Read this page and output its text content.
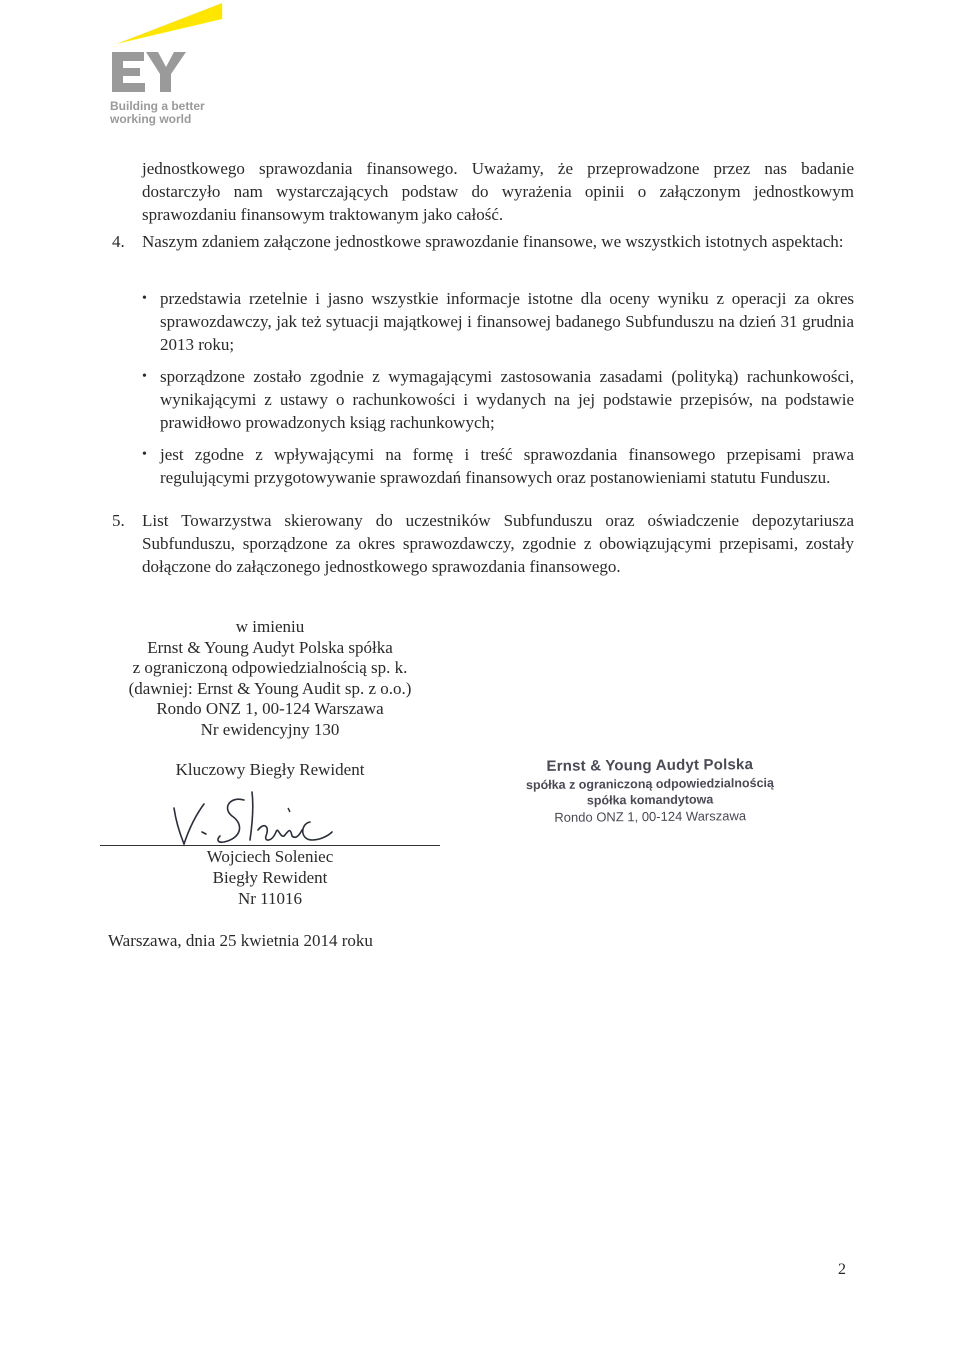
Building a better
working world
jednostkowego sprawozdania finansowego. Uważamy, że przeprowadzone przez nas badanie dostarczyło nam wystarczających podstaw do wyrażenia opinii o załączonym jednostkowym sprawozdaniu finansowym traktowanym jako całość.
4.	Naszym zdaniem załączone jednostkowe sprawozdanie finansowe, we wszystkich istotnych aspektach:
• przedstawia rzetelnie i jasno wszystkie informacje istotne dla oceny wyniku z operacji za okres sprawozdawczy, jak też sytuacji majątkowej i finansowej badanego Subfunduszu na dzień 31 grudnia 2013 roku;
• sporządzone zostało zgodnie z wymagającymi zastosowania zasadami (polityką) rachunkowości, wynikającymi z ustawy o rachunkowości i wydanych na jej podstawie przepisów, na podstawie prawidłowo prowadzonych ksiąg rachunkowych;
• jest zgodne z wpływającymi na formę i treść sprawozdania finansowego przepisami prawa regulującymi przygotowywanie sprawozdań finansowych oraz postanowieniami statutu Funduszu.
5.	List Towarzystwa skierowany do uczestników Subfunduszu oraz oświadczenie depozytariusza Subfunduszu, sporządzone za okres sprawozdawczy, zgodnie z obowiązującymi przepisami, zostały dołączone do załączonego jednostkowego sprawozdania finansowego.
w imieniu
Ernst & Young Audyt Polska spółka
z ograniczoną odpowiedzialnością sp. k.
(dawniej: Ernst & Young Audit sp. z o.o.)
Rondo ONZ 1, 00-124 Warszawa
Nr ewidencyjny 130
Kluczowy Biegły Rewident
Wojciech Soleniec
Biegły Rewident
Nr 11016
Ernst & Young Audyt Polska
spółka z ograniczoną odpowiedzialnością
spółka komandytowa
Rondo ONZ 1, 00-124 Warszawa
Warszawa, dnia 25 kwietnia 2014 roku
2
